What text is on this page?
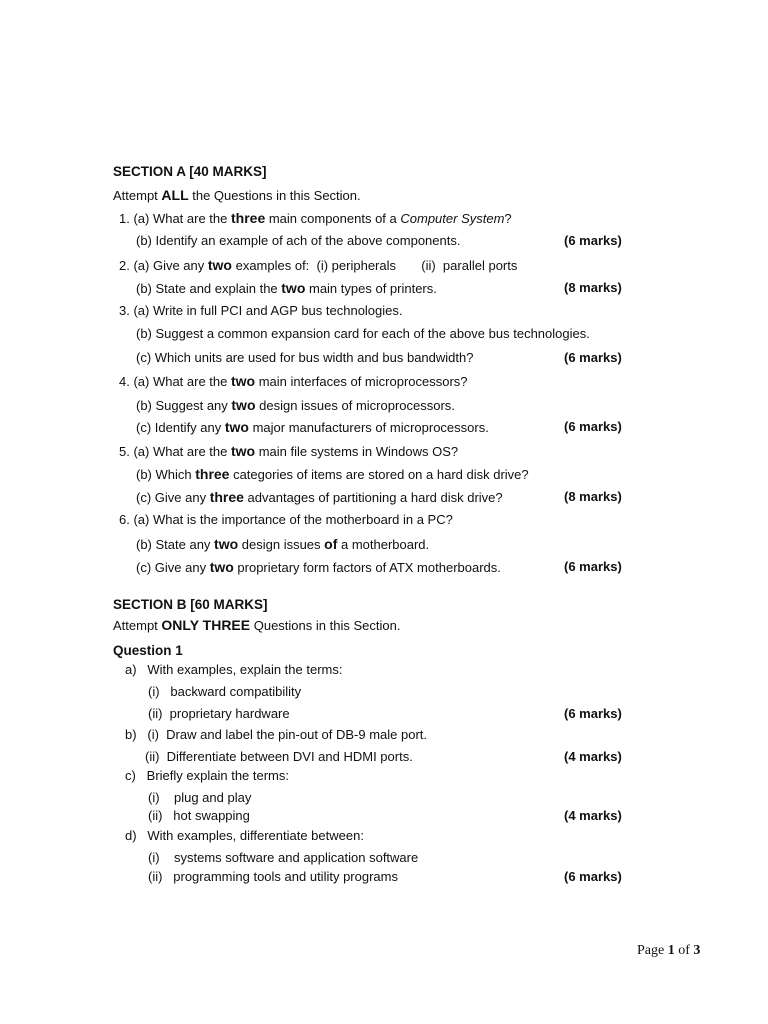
SECTION A [40 MARKS]
Attempt ALL the Questions in this Section.
1. (a) What are the three main components of a Computer System?
(b) Identify an example of ach of the above components.	(6 marks)
2. (a) Give any two examples of:  (i) peripherals       (ii)  parallel ports
(b) State and explain the two main types of printers.	(8 marks)
3. (a) Write in full PCI and AGP bus technologies.
(b) Suggest a common expansion card for each of the above bus technologies.
(c) Which units are used for bus width and bus bandwidth?	(6 marks)
4. (a) What are the two main interfaces of microprocessors?
(b) Suggest any two design issues of microprocessors.
(c) Identify any two major manufacturers of microprocessors.	(6 marks)
5. (a) What are the two main file systems in Windows OS?
(b) Which three categories of items are stored on a hard disk drive?
(c) Give any three advantages of partitioning a hard disk drive?	(8 marks)
6. (a) What is the importance of the motherboard in a PC?
(b) State any two design issues of a motherboard.
(c) Give any two proprietary form factors of ATX motherboards.	(6 marks)
SECTION B [60 MARKS]
Attempt ONLY THREE Questions in this Section.
Question 1
a)   With examples, explain the terms:
(i)   backward compatibility
(ii)  proprietary hardware	(6 marks)
b)   (i)  Draw and label the pin-out of DB-9 male port.
(ii)  Differentiate between DVI and HDMI ports.	(4 marks)
c)   Briefly explain the terms:
(i)    plug and play
(ii)   hot swapping	(4 marks)
d)   With examples, differentiate between:
(i)    systems software and application software
(ii)   programming tools and utility programs	(6 marks)
Page 1 of 3
